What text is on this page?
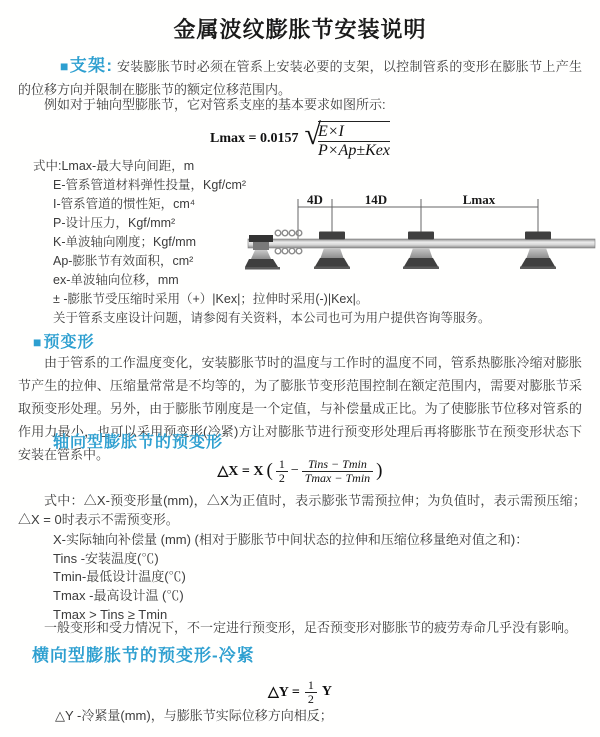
金属波纹膨胀节安装说明
■支架: 安装膨胀节时必须在管系上安装必要的支架，以控制管系的变形在膨胀节上产生的位移方向并限制在膨胀节的额定位移范围内。
例如对于轴向型膨胀节，它对管系支座的基本要求如图所示:
Lmax = 0.0157 √
$\frac{E\times I}{\text{P×Ap±Kex}}$
式中:Lmax-最大导向间距，m
E-管系管道材料弹性投量，Kgf/cm²
I-管系管道的惯性矩，cm⁴
P-设计压力，Kgf/mm²
K-单波轴向刚度；Kgf/mm
Ap-膨胀节有效面积，cm²
ex-单波轴向位移，mm
± -膨胀节受压缩时采用（+）|Kex|；拉伸时采用(-)|Kex|。
关于管系支座设计问题，请参阅有关资料，本公司也可为用户提供咨询等服务。
4D	14D	Lmax
■预变形
由于管系的工作温度变化，安装膨胀节时的温度与工作时的温度不同，管系热膨胀冷缩对膨胀节产生的拉伸、压缩量常常是不均等的，为了膨胀节变形范围控制在额定范围内，需要对膨胀节采取预变形处理。另外，由于膨胀节刚度是一个定值，与补偿量成正比。为了使膨胀节位移对管系的作用力最小，也可以采用预变形(冷紧)方让对膨胀节进行预变形处理后再将膨胀节在预变形状态下安装在管系中。
轴向型膨胀节的预变形
△X = X ( $\frac{1}{2}$ − Tins − Tmin
Tmax − Tmin )
式中：△X-预变形量(mm)，△X为正值时，表示膨张节需预拉伸；为负值时，表示需预压缩；△X = 0时表示不需预变形。
X-实际轴向补偿量 (mm) (相对于膨胀节中间状态的拉伸和压缩位移量绝对值之和)：
Tins -安装温度(℃)
Tmin-最低设计温度(℃)
Tmax -最高设计温 (℃)
Tmax > Tins ≥ Tmin
一般变形和受力情况下，不一定进行预变形，足否预变形对膨胀节的疲劳寿命几乎没有影响。
横向型膨胀节的预变形-冷紧
△Y = $\frac{1}{2}$ Y
△Y -冷紧量(mm)，与膨胀节实际位移方向相反；
